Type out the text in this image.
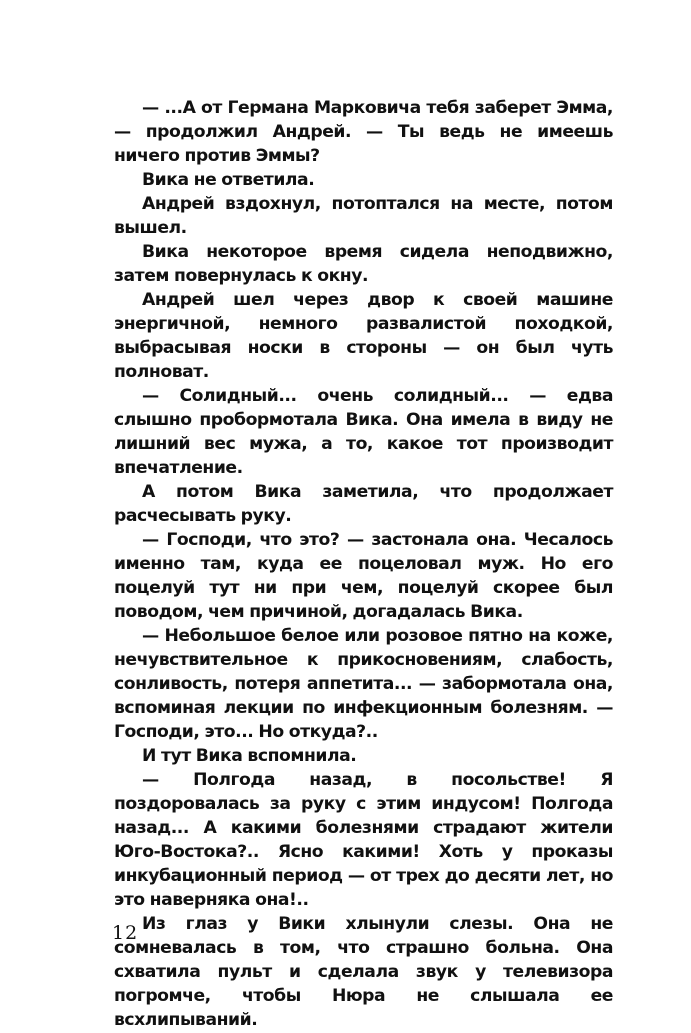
— ...А от Германа Марковича тебя заберет Эмма, — продолжил Андрей. — Ты ведь не имеешь ничего против Эммы?

Вика не ответила.

Андрей вздохнул, потоптался на месте, потом вышел.

Вика некоторое время сидела неподвижно, затем повернулась к окну.

Андрей шел через двор к своей машине энергичной, немного развалистой походкой, выбрасывая носки в стороны — он был чуть полноват.

— Солидный... очень солидный... — едва слышно пробормотала Вика. Она имела в виду не лишний вес мужа, а то, какое тот производит впечатление.

А потом Вика заметила, что продолжает расчесывать руку.

— Господи, что это? — застонала она. Чесалось именно там, куда ее поцеловал муж. Но его поцелуй тут ни при чем, поцелуй скорее был поводом, чем причиной, догадалась Вика.

— Небольшое белое или розовое пятно на коже, нечувствительное к прикосновениям, слабость, сонливость, потеря аппетита... — забормотала она, вспоминая лекции по инфекционным болезням. — Господи, это... Но откуда?..

И тут Вика вспомнила.

— Полгода назад, в посольстве! Я поздоровалась за руку с этим индусом! Полгода назад... А какими болезнями страдают жители Юго-Востока?.. Ясно какими! Хоть у проказы инкубационный период — от трех до десяти лет, но это наверняка она!..

Из глаз у Вики хлынули слезы. Она не сомневалась в том, что страшно больна. Она схватила пульт и сделала звук у телевизора погромче, чтобы Нюра не слышала ее всхлипываний.

12
